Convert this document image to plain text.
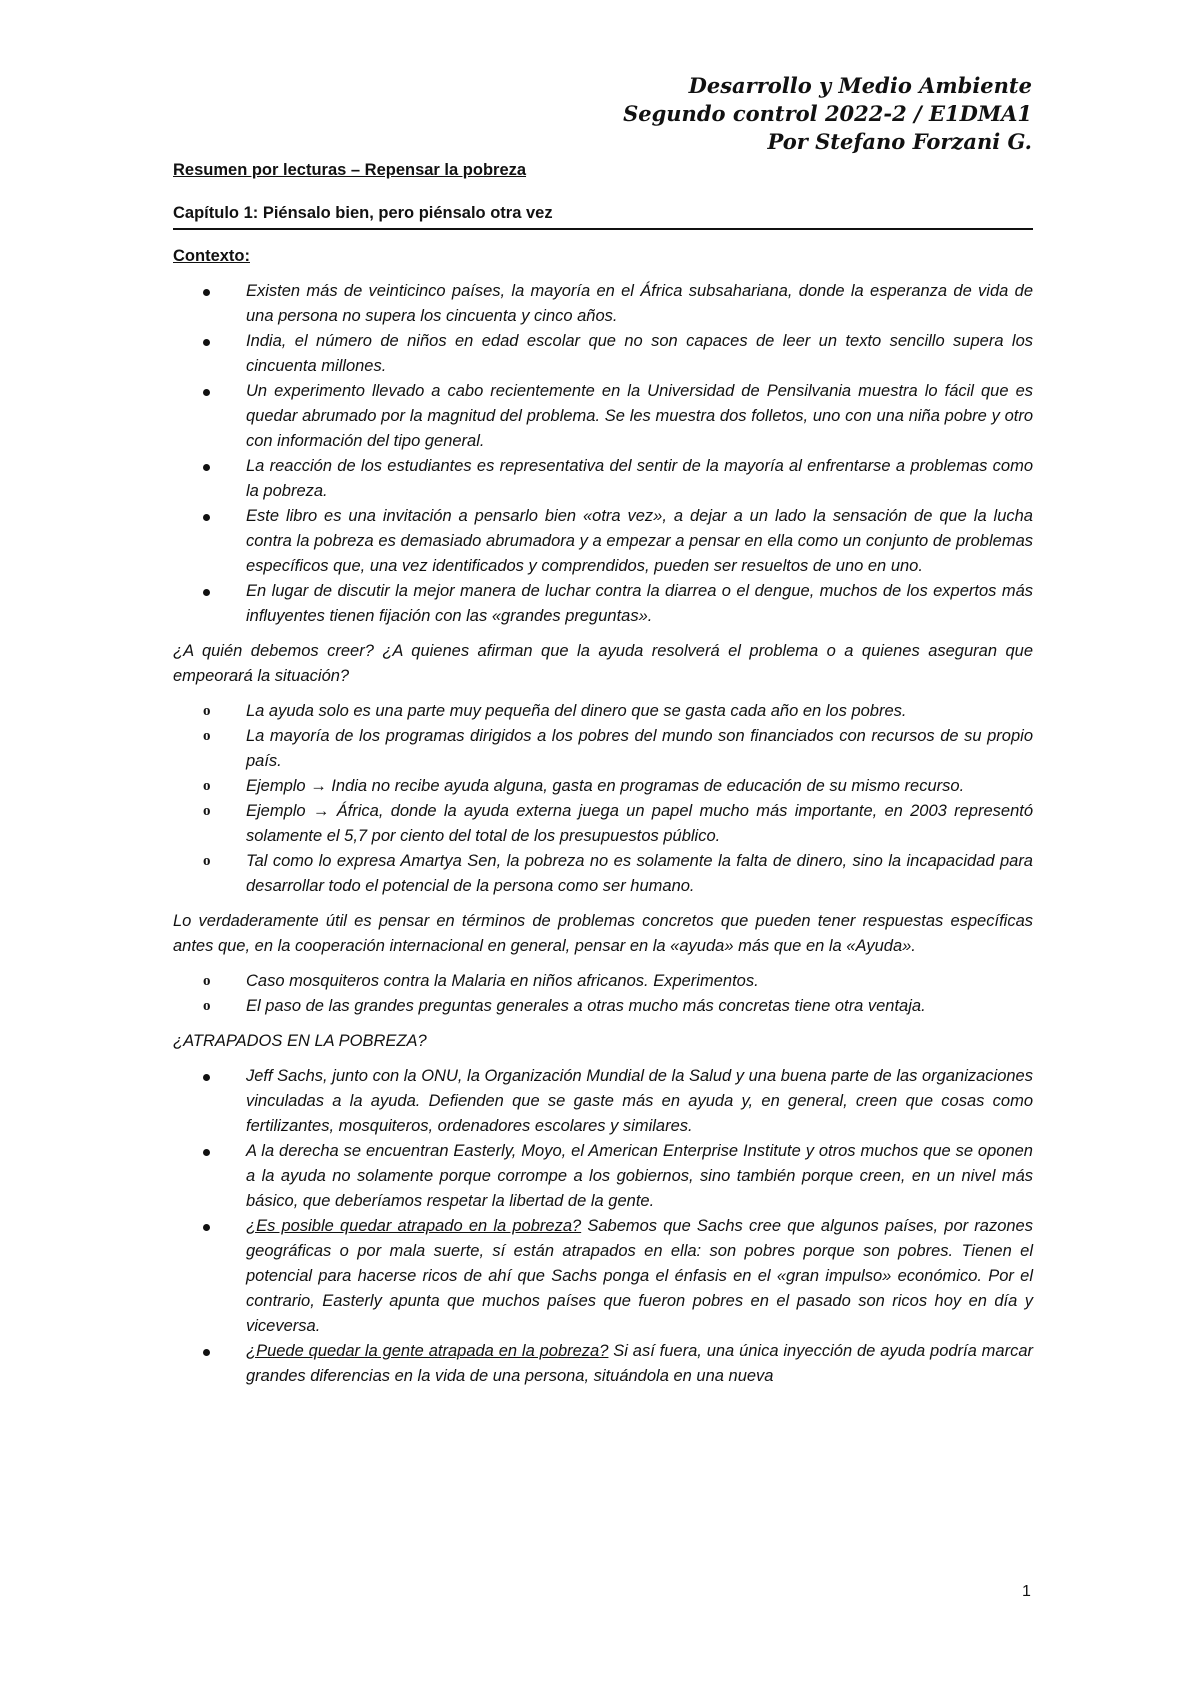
Desarrollo y Medio Ambiente
Segundo control 2022-2 / E1DMA1
Por Stefano Forzani G.
Resumen por lecturas – Repensar la pobreza
Capítulo 1: Piénsalo bien, pero piénsalo otra vez
Contexto:
Existen más de veinticinco países, la mayoría en el África subsahariana, donde la esperanza de vida de una persona no supera los cincuenta y cinco años.
India, el número de niños en edad escolar que no son capaces de leer un texto sencillo supera los cincuenta millones.
Un experimento llevado a cabo recientemente en la Universidad de Pensilvania muestra lo fácil que es quedar abrumado por la magnitud del problema. Se les muestra dos folletos, uno con una niña pobre y otro con información del tipo general.
La reacción de los estudiantes es representativa del sentir de la mayoría al enfrentarse a problemas como la pobreza.
Este libro es una invitación a pensarlo bien «otra vez», a dejar a un lado la sensación de que la lucha contra la pobreza es demasiado abrumadora y a empezar a pensar en ella como un conjunto de problemas específicos que, una vez identificados y comprendidos, pueden ser resueltos de uno en uno.
En lugar de discutir la mejor manera de luchar contra la diarrea o el dengue, muchos de los expertos más influyentes tienen fijación con las «grandes preguntas».

¿A quién debemos creer? ¿A quienes afirman que la ayuda resolverá el problema o a quienes aseguran que empeorará la situación?

o La ayuda solo es una parte muy pequeña del dinero que se gasta cada año en los pobres.
o La mayoría de los programas dirigidos a los pobres del mundo son financiados con recursos de su propio país.
o Ejemplo → India no recibe ayuda alguna, gasta en programas de educación de su mismo recurso.
o Ejemplo → África, donde la ayuda externa juega un papel mucho más importante, en 2003 representó solamente el 5,7 por ciento del total de los presupuestos público.
o Tal como lo expresa Amartya Sen, la pobreza no es solamente la falta de dinero, sino la incapacidad para desarrollar todo el potencial de la persona como ser humano.

Lo verdaderamente útil es pensar en términos de problemas concretos que pueden tener respuestas específicas antes que, en la cooperación internacional en general, pensar en la «ayuda» más que en la «Ayuda».

o Caso mosquiteros contra la Malaria en niños africanos. Experimentos.
o El paso de las grandes preguntas generales a otras mucho más concretas tiene otra ventaja.

¿ATRAPADOS EN LA POBREZA?

Jeff Sachs, junto con la ONU, la Organización Mundial de la Salud y una buena parte de las organizaciones vinculadas a la ayuda. Defienden que se gaste más en ayuda y, en general, creen que cosas como fertilizantes, mosquiteros, ordenadores escolares y similares.
A la derecha se encuentran Easterly, Moyo, el American Enterprise Institute y otros muchos que se oponen a la ayuda no solamente porque corrompe a los gobiernos, sino también porque creen, en un nivel más básico, que deberíamos respetar la libertad de la gente.
¿Es posible quedar atrapado en la pobreza? Sabemos que Sachs cree que algunos países, por razones geográficas o por mala suerte, sí están atrapados en ella: son pobres porque son pobres. Tienen el potencial para hacerse ricos de ahí que Sachs ponga el énfasis en el «gran impulso» económico. Por el contrario, Easterly apunta que muchos países que fueron pobres en el pasado son ricos hoy en día y viceversa.
¿Puede quedar la gente atrapada en la pobreza? Si así fuera, una única inyección de ayuda podría marcar grandes diferencias en la vida de una persona, situándola en una nueva
1
